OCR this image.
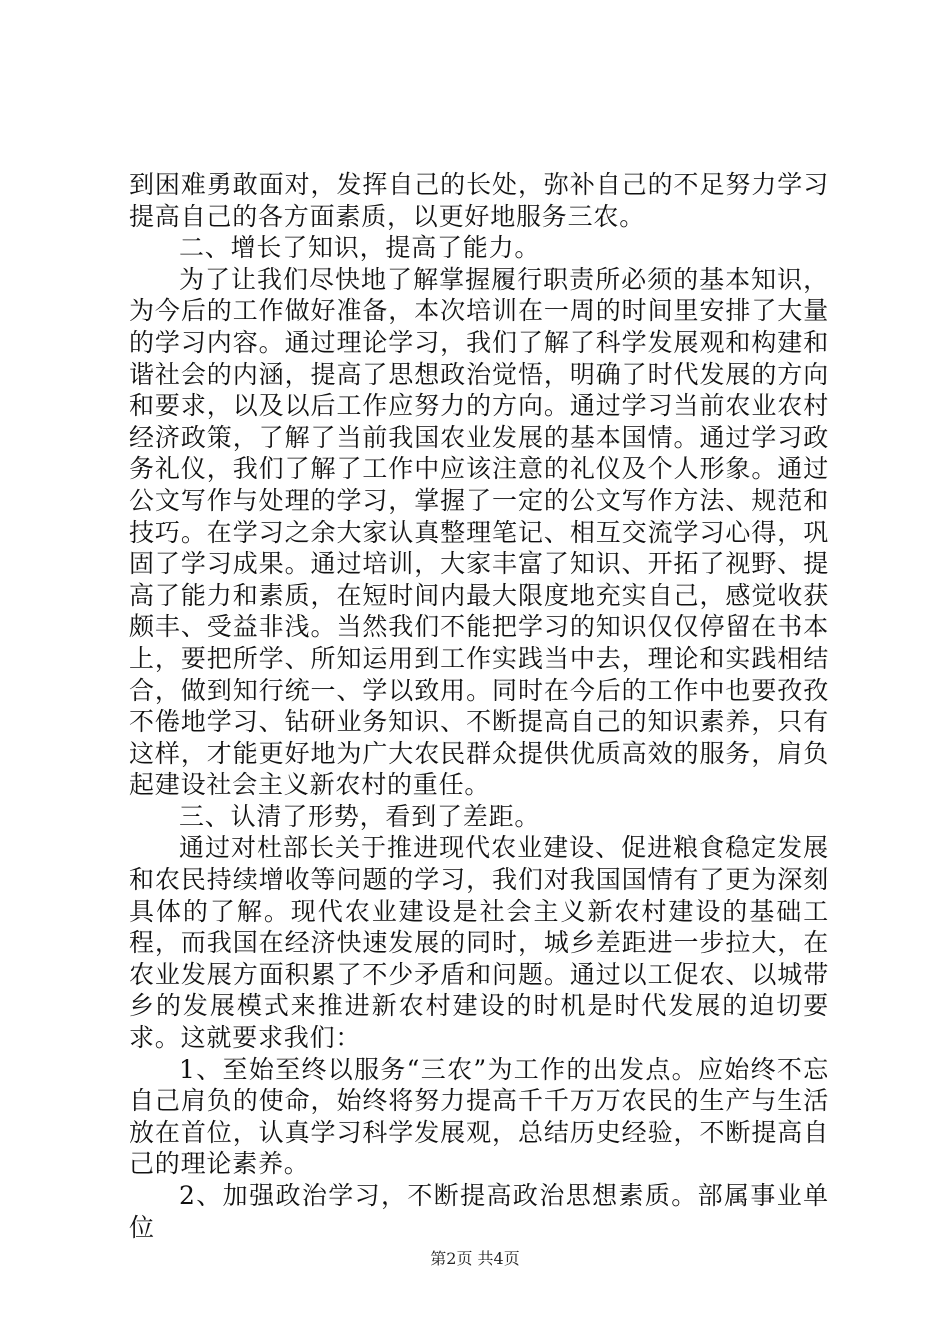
到困难勇敢面对，发挥自己的长处，弥补自己的不足努力学习提高自己的各方面素质，以更好地服务三农。

二、增长了知识，提高了能力。

为了让我们尽快地了解掌握履行职责所必须的基本知识，为今后的工作做好准备，本次培训在一周的时间里安排了大量的学习内容。通过理论学习，我们了解了科学发展观和构建和谐社会的内涵，提高了思想政治觉悟，明确了时代发展的方向和要求，以及以后工作应努力的方向。通过学习当前农业农村经济政策，了解了当前我国农业发展的基本国情。通过学习政务礼仪，我们了解了工作中应该注意的礼仪及个人形象。通过公文写作与处理的学习，掌握了一定的公文写作方法、规范和技巧。在学习之余大家认真整理笔记、相互交流学习心得，巩固了学习成果。通过培训，大家丰富了知识、开拓了视野、提高了能力和素质，在短时间内最大限度地充实自己，感觉收获颇丰、受益非浅。当然我们不能把学习的知识仅仅停留在书本上，要把所学、所知运用到工作实践当中去，理论和实践相结合，做到知行统一、学以致用。同时在今后的工作中也要孜孜不倦地学习、钻研业务知识、不断提高自己的知识素养，只有这样，才能更好地为广大农民群众提供优质高效的服务，肩负起建设社会主义新农村的重任。

三、认清了形势，看到了差距。

通过对杜部长关于推进现代农业建设、促进粮食稳定发展和农民持续增收等问题的学习，我们对我国国情有了更为深刻具体的了解。现代农业建设是社会主义新农村建设的基础工程，而我国在经济快速发展的同时，城乡差距进一步拉大，在农业发展方面积累了不少矛盾和问题。通过以工促农、以城带乡的发展模式来推进新农村建设的时机是时代发展的迫切要求。这就要求我们：

1、至始至终以服务“三农”为工作的出发点。应始终不忘自己肩负的使命，始终将努力提高千千万万农民的生产与生活放在首位，认真学习科学发展观，总结历史经验，不断提高自己的理论素养。

2、加强政治学习，不断提高政治思想素质。部属事业单位

第2页 共4页
